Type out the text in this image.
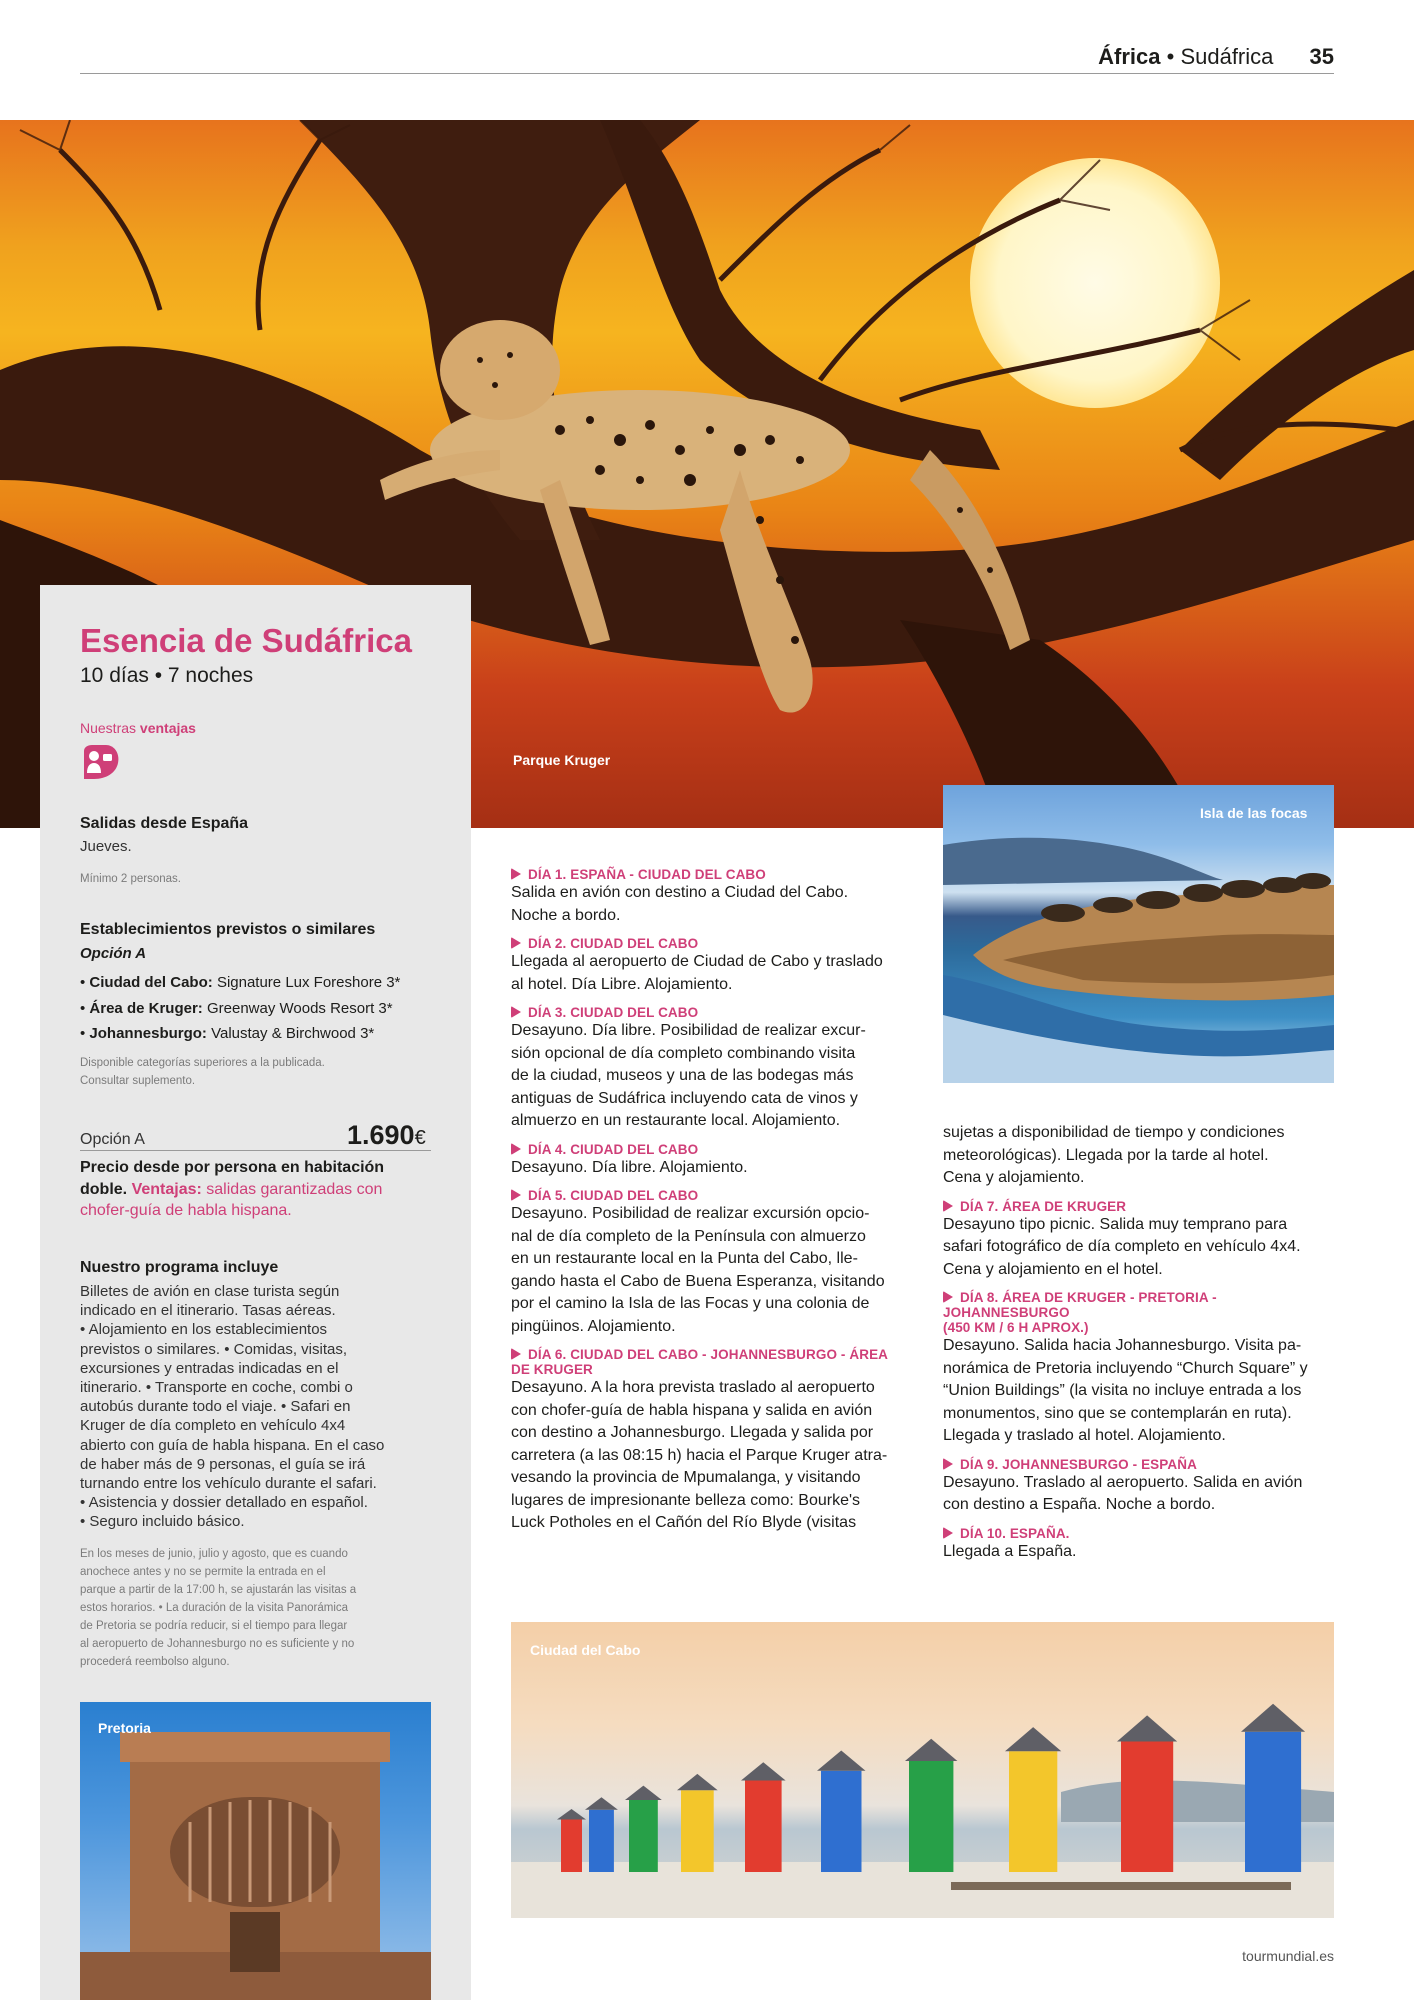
África • Sudáfrica 35
Parque Kruger
Esencia de Sudáfrica
10 días • 7 noches
Nuestras ventajas
Salidas desde España
Jueves.
Mínimo 2 personas.
Establecimientos previstos o similares
Opción A
• Ciudad del Cabo: Signature Lux Foreshore 3*
• Área de Kruger: Greenway Woods Resort 3*
• Johannesburgo: Valustay & Birchwood 3*
Disponible categorías superiores a la publicada.
Consultar suplemento.
Opción A	1.690€
Precio desde por persona en habitación
doble. Ventajas: salidas garantizadas con
chofer-guía de habla hispana.
Nuestro programa incluye
Billetes de avión en clase turista según
indicado en el itinerario. Tasas aéreas.
• Alojamiento en los establecimientos
previstos o similares. • Comidas, visitas,
excursiones y entradas indicadas en el
itinerario. • Transporte en coche, combi o
autobús durante todo el viaje. • Safari en
Kruger de día completo en vehículo 4x4
abierto con guía de habla hispana. En el caso
de haber más de 9 personas, el guía se irá
turnando entre los vehículo durante el safari.
• Asistencia y dossier detallado en español.
• Seguro incluido básico.
En los meses de junio, julio y agosto, que es cuando
anochece antes y no se permite la entrada en el
parque a partir de la 17:00 h, se ajustarán las visitas a
estos horarios. • La duración de la visita Panorámica
de Pretoria se podría reducir, si el tiempo para llegar
al aeropuerto de Johannesburgo no es suficiente y no
procederá reembolso alguno.
Pretoria
DÍA 1. ESPAÑA - CIUDAD DEL CABO
Salida en avión con destino a Ciudad del Cabo.
Noche a bordo.
DÍA 2. CIUDAD DEL CABO
Llegada al aeropuerto de Ciudad de Cabo y traslado
al hotel. Día Libre. Alojamiento.
DÍA 3. CIUDAD DEL CABO
Desayuno. Día libre. Posibilidad de realizar excur-
sión opcional de día completo combinando visita
de la ciudad, museos y una de las bodegas más
antiguas de Sudáfrica incluyendo cata de vinos y
almuerzo en un restaurante local. Alojamiento.
DÍA 4. CIUDAD DEL CABO
Desayuno. Día libre. Alojamiento.
DÍA 5. CIUDAD DEL CABO
Desayuno. Posibilidad de realizar excursión opcio-
nal de día completo de la Península con almuerzo
en un restaurante local en la Punta del Cabo, lle-
gando hasta el Cabo de Buena Esperanza, visitando
por el camino la Isla de las Focas y una colonia de
pingüinos. Alojamiento.
DÍA 6. CIUDAD DEL CABO - JOHANNESBURGO - ÁREA
DE KRUGER
Desayuno. A la hora prevista traslado al aeropuerto
con chofer-guía de habla hispana y salida en avión
con destino a Johannesburgo. Llegada y salida por
carretera (a las 08:15 h) hacia el Parque Kruger atra-
vesando la provincia de Mpumalanga, y visitando
lugares de impresionante belleza como: Bourke's
Luck Potholes en el Cañón del Río Blyde (visitas
Isla de las focas
sujetas a disponibilidad de tiempo y condiciones
meteorológicas). Llegada por la tarde al hotel.
Cena y alojamiento.
DÍA 7. ÁREA DE KRUGER
Desayuno tipo picnic. Salida muy temprano para
safari fotográfico de día completo en vehículo 4x4.
Cena y alojamiento en el hotel.
DÍA 8. ÁREA DE KRUGER - PRETORIA - JOHANNESBURGO
(450 KM / 6 H APROX.)
Desayuno. Salida hacia Johannesburgo. Visita pa-
norámica de Pretoria incluyendo “Church Square” y
“Union Buildings” (la visita no incluye entrada a los
monumentos, sino que se contemplarán en ruta).
Llegada y traslado al hotel. Alojamiento.
DÍA 9. JOHANNESBURGO - ESPAÑA
Desayuno. Traslado al aeropuerto. Salida en avión
con destino a España. Noche a bordo.
DÍA 10. ESPAÑA.
Llegada a España.
Ciudad del Cabo
tourmundial.es
